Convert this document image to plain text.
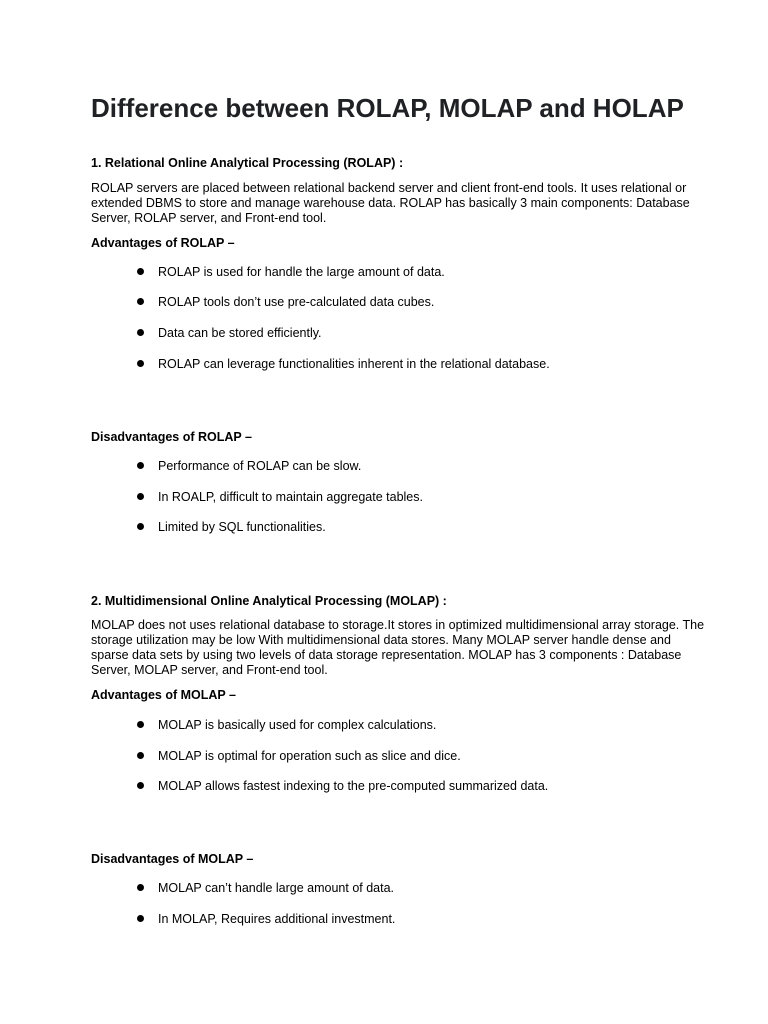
Difference between ROLAP, MOLAP and HOLAP
1. Relational Online Analytical Processing (ROLAP) :

ROLAP servers are placed between relational backend server and client front-end tools. It uses relational or extended DBMS to store and manage warehouse data. ROLAP has basically 3 main components: Database Server, ROLAP server, and Front-end tool.

Advantages of ROLAP –
ROLAP is used for handle the large amount of data.
ROLAP tools don’t use pre-calculated data cubes.
Data can be stored efficiently.
ROLAP can leverage functionalities inherent in the relational database.
Disadvantages of ROLAP –
Performance of ROLAP can be slow.
In ROALP, difficult to maintain aggregate tables.
Limited by SQL functionalities.
2. Multidimensional Online Analytical Processing (MOLAP) :

MOLAP does not uses relational database to storage.It stores in optimized multidimensional array storage. The storage utilization may be low With multidimensional data stores. Many MOLAP server handle dense and sparse data sets by using two levels of data storage representation. MOLAP has 3 components : Database Server, MOLAP server, and Front-end tool.

Advantages of MOLAP –
MOLAP is basically used for complex calculations.
MOLAP is optimal for operation such as slice and dice.
MOLAP allows fastest indexing to the pre-computed summarized data.
Disadvantages of MOLAP –
MOLAP can’t handle large amount of data.
In MOLAP, Requires additional investment.
